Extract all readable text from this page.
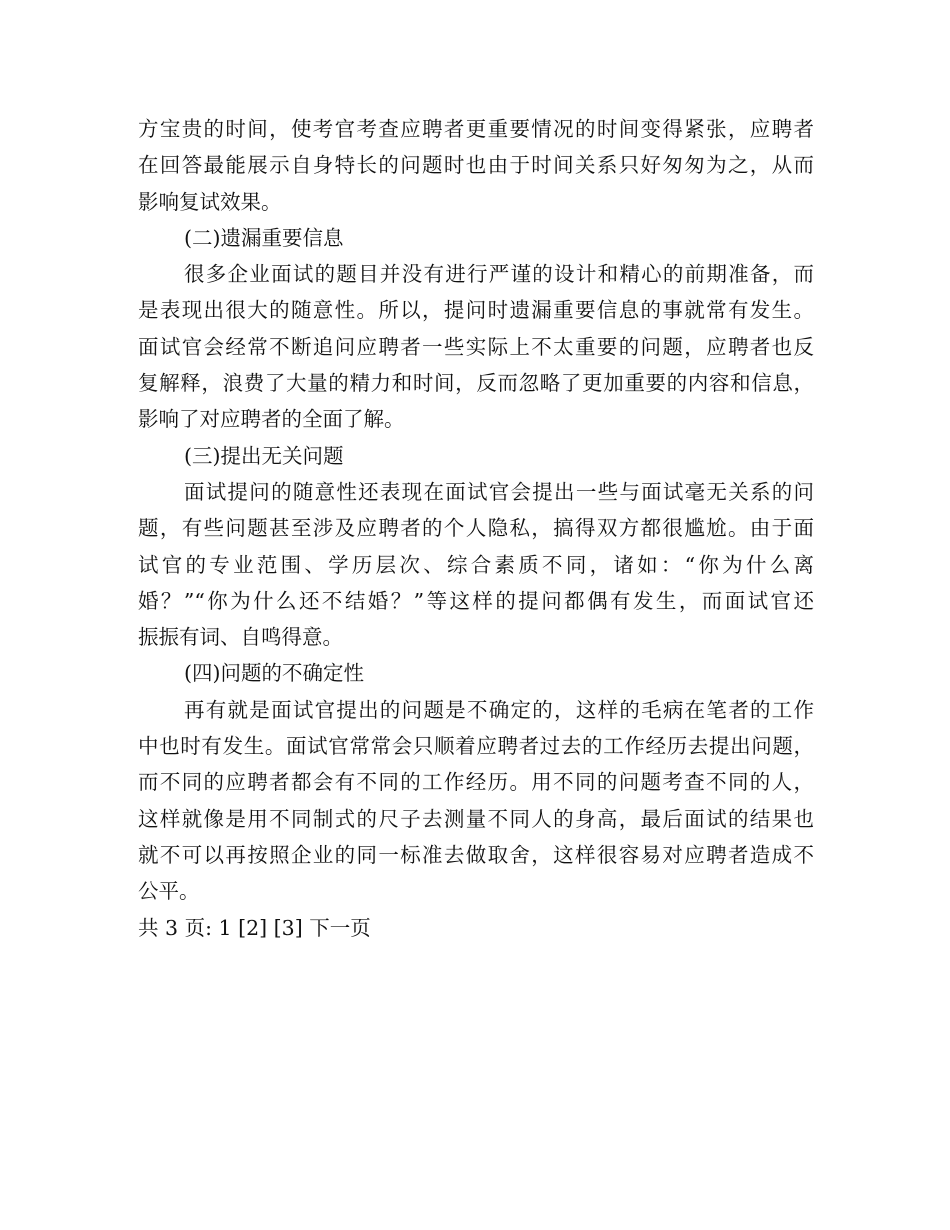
方宝贵的时间，使考官考查应聘者更重要情况的时间变得紧张，应聘者
在回答最能展示自身特长的问题时也由于时间关系只好匆匆为之，从而
影响复试效果。
(二)遗漏重要信息
很多企业面试的题目并没有进行严谨的设计和精心的前期准备，而
是表现出很大的随意性。所以，提问时遗漏重要信息的事就常有发生。
面试官会经常不断追问应聘者一些实际上不太重要的问题，应聘者也反
复解释，浪费了大量的精力和时间，反而忽略了更加重要的内容和信息，
影响了对应聘者的全面了解。
(三)提出无关问题
面试提问的随意性还表现在面试官会提出一些与面试毫无关系的问
题，有些问题甚至涉及应聘者的个人隐私，搞得双方都很尴尬。由于面
试官的专业范围、学历层次、综合素质不同，诸如：“你为什么离
婚？”“你为什么还不结婚？”等这样的提问都偶有发生，而面试官还
振振有词、自鸣得意。
(四)问题的不确定性
再有就是面试官提出的问题是不确定的，这样的毛病在笔者的工作
中也时有发生。面试官常常会只顺着应聘者过去的工作经历去提出问题，
而不同的应聘者都会有不同的工作经历。用不同的问题考查不同的人，
这样就像是用不同制式的尺子去测量不同人的身高，最后面试的结果也
就不可以再按照企业的同一标准去做取舍，这样很容易对应聘者造成不
公平。
共 3 页: 1 [2] [3] 下一页
